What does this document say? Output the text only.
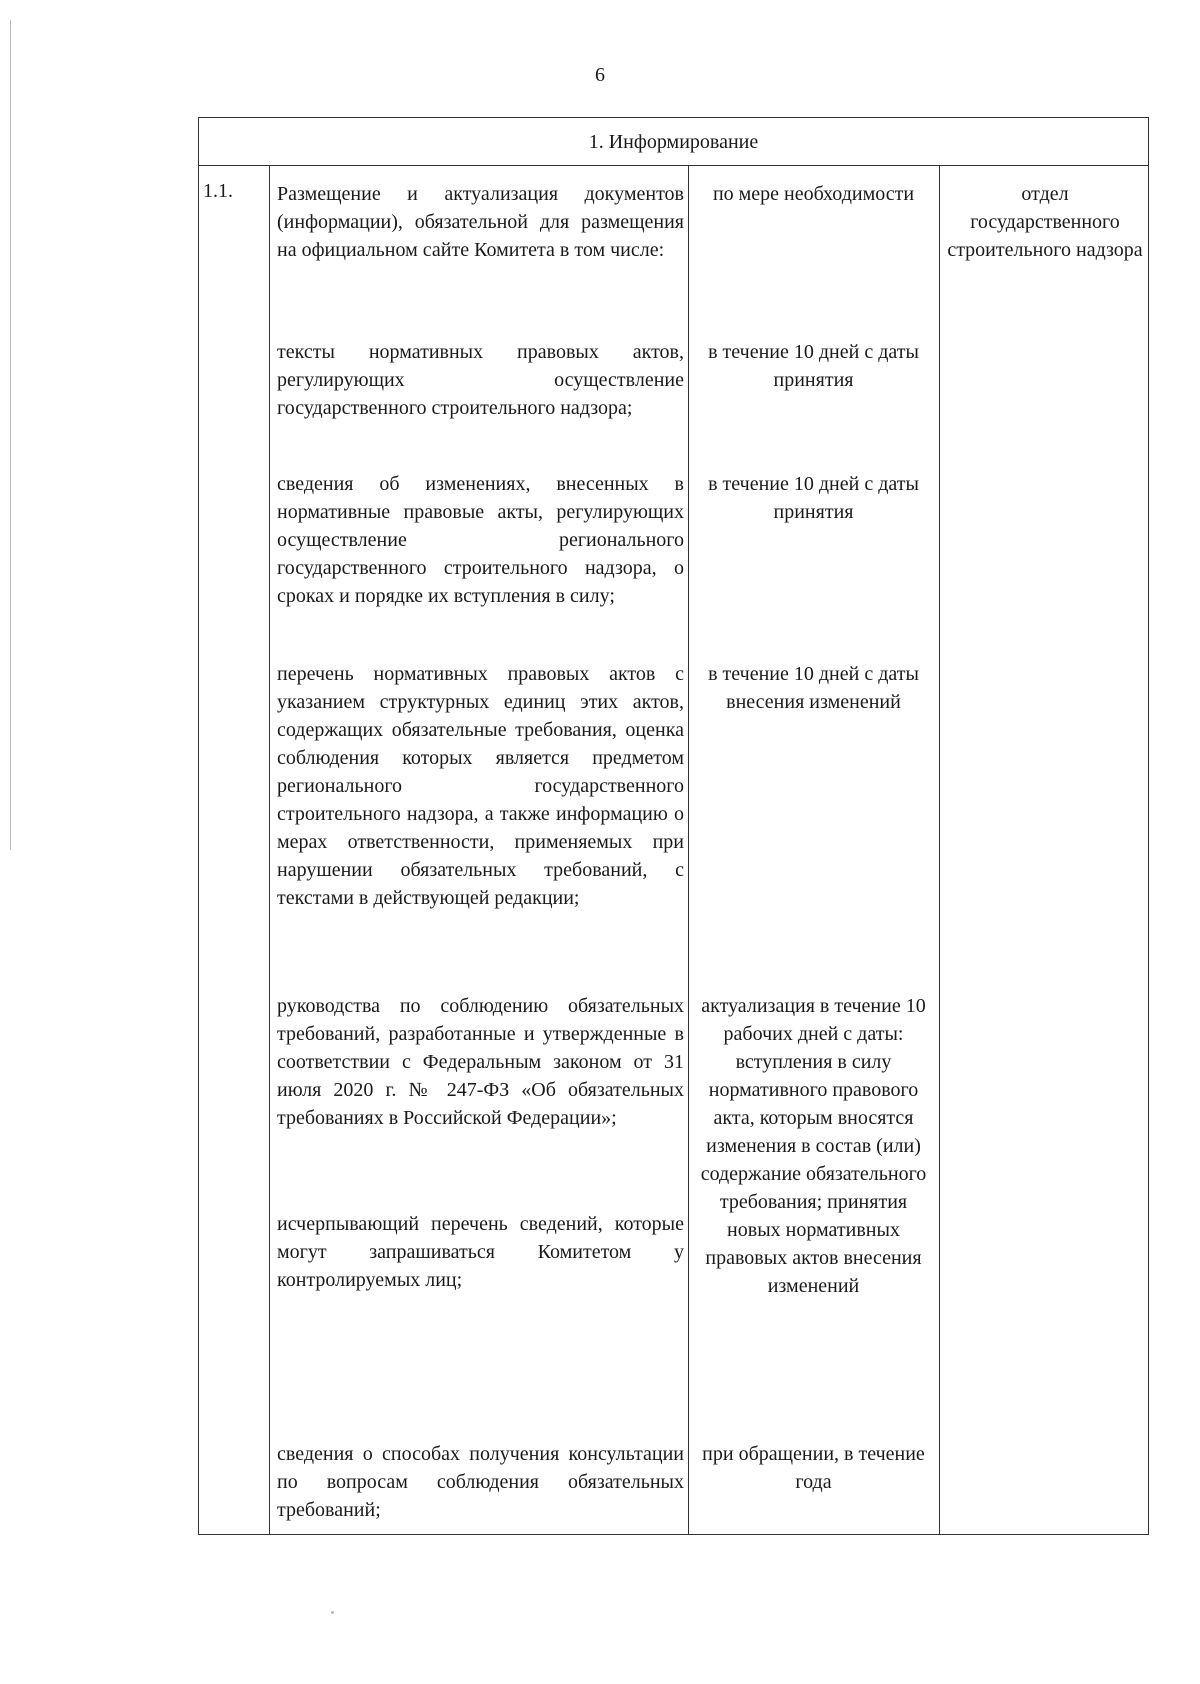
6
1. Информирование
1.1. Размещение и актуализация документов (информации), обязательной для размещения на официальном сайте Комитета в том числе:

тексты нормативных правовых актов, регулирующих осуществление государственного строительного надзора;

сведения об изменениях, внесенных в нормативные правовые акты, регулирующих осуществление регионального государственного строительного надзора, о сроках и порядке их вступления в силу;

перечень нормативных правовых актов с указанием структурных единиц этих актов, содержащих обязательные требования, оценка соблюдения которых является предметом регионального государственного строительного надзора, а также информацию о мерах ответственности, применяемых при нарушении обязательных требований, с текстами в действующей редакции;

руководства по соблюдению обязательных требований, разработанные и утвержденные в соответствии с Федеральным законом от 31 июля 2020 г. № 247-ФЗ «Об обязательных требованиях в Российской Федерации»;

исчерпывающий перечень сведений, которые могут запрашиваться Комитетом у контролируемых лиц;

сведения о способах получения консультации по вопросам соблюдения обязательных требований;

по мере необходимости
в течение 10 дней с даты принятия
в течение 10 дней с даты принятия
в течение 10 дней с даты внесения изменений
актуализация в течение 10 рабочих дней с даты: вступления в силу нормативного правового акта, которым вносятся изменения в состав (или) содержание обязательного требования; принятия новых нормативных правовых актов внесения изменений
при обращении, в течение года
отдел государственного строительного надзора
